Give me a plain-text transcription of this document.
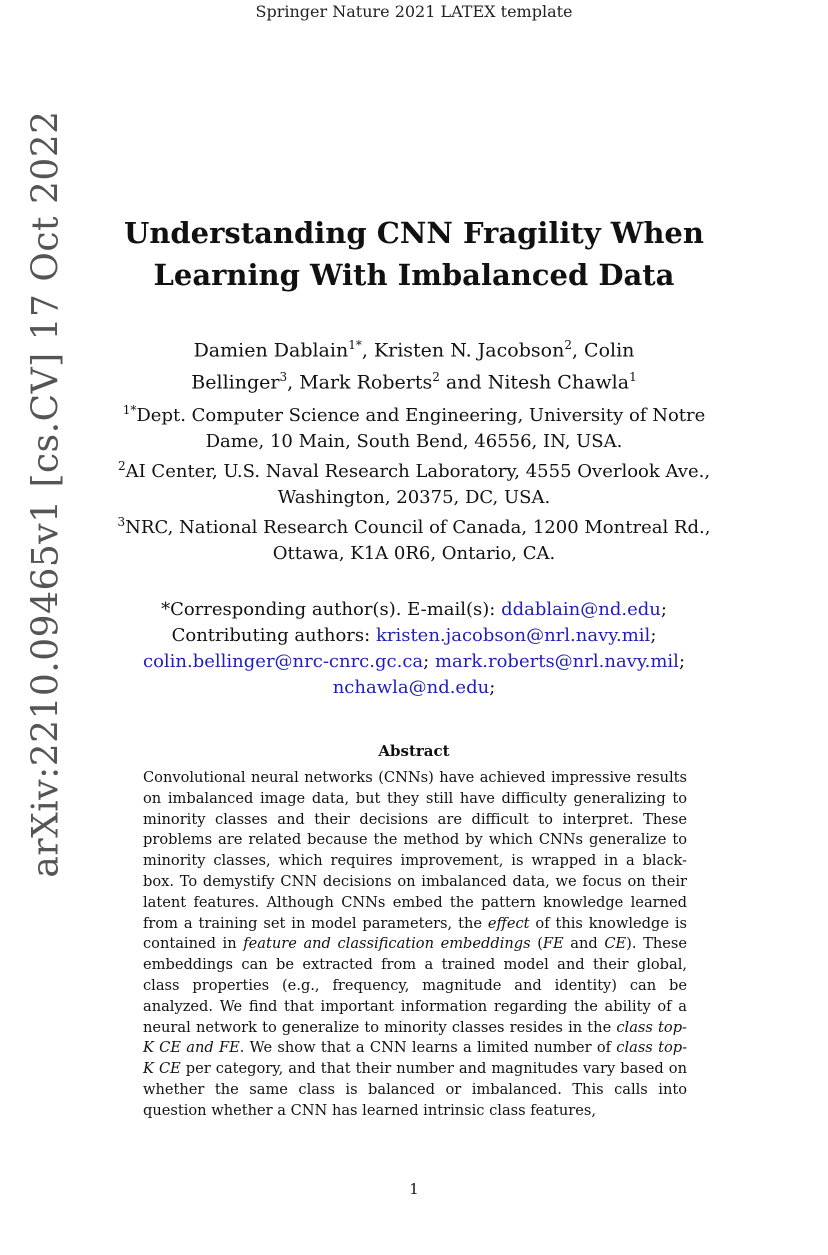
Springer Nature 2021 LATEX template
arXiv:2210.09465v1 [cs.CV] 17 Oct 2022	Understanding CNN Fragility When
Learning With Imbalanced Data
Damien Dablain$^{1*}$, Kristen N. Jacobson$^2$, Colin Bellinger$^3$, Mark Roberts$^2$ and Nitesh Chawla$^1$
$^{1*}$Dept. Computer Science and Engineering, University of Notre Dame, 10 Main, South Bend, 46556, IN, USA.
$^2$AI Center, U.S. Naval Research Laboratory, 4555 Overlook Ave., Washington, 20375, DC, USA.
$^3$NRC, National Research Council of Canada, 1200 Montreal Rd., Ottawa, K1A 0R6, Ontario, CA.
*Corresponding author(s). E-mail(s): ddablain@nd.edu;
Contributing authors: kristen.jacobson@nrl.navy.mil;
colin.bellinger@nrc-cnrc.gc.ca; mark.roberts@nrl.navy.mil;
nchawla@nd.edu;
Abstract
Convolutional neural networks (CNNs) have achieved impressive results on imbalanced image data, but they still have difficulty generalizing to minority classes and their decisions are difficult to interpret. These problems are related because the method by which CNNs generalize to minority classes, which requires improvement, is wrapped in a black-box. To demystify CNN decisions on imbalanced data, we focus on their latent features. Although CNNs embed the pattern knowledge learned from a training set in model parameters, the effect of this knowledge is contained in feature and classification embeddings (FE and CE). These embeddings can be extracted from a trained model and their global, class properties (e.g., frequency, magnitude and identity) can be analyzed. We find that important information regarding the ability of a neural network to generalize to minority classes resides in the class top-K CE and FE. We show that a CNN learns a limited number of class top-K CE per category, and that their number and magnitudes vary based on whether the same class is balanced or imbalanced. This calls into question whether a CNN has learned intrinsic class features,
1
